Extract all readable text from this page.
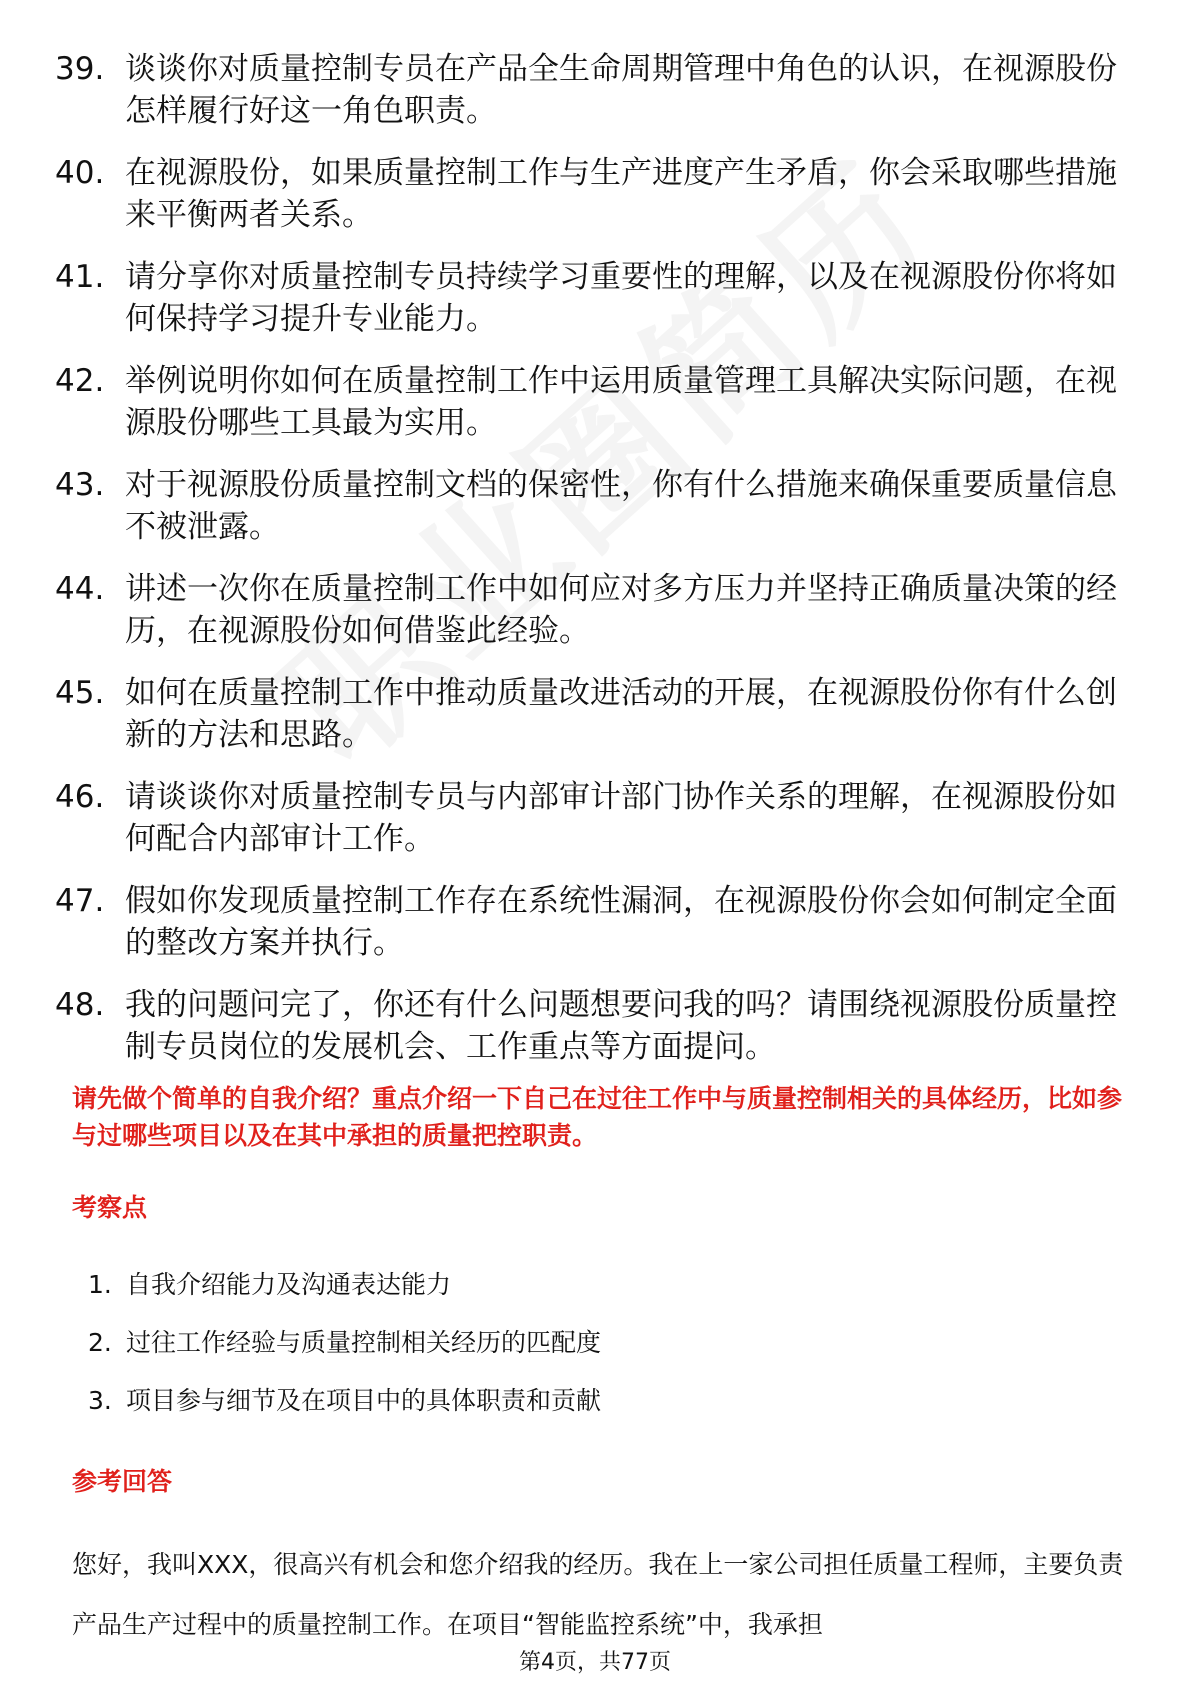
39. 谈谈你对质量控制专员在产品全生命周期管理中角色的认识，在视源股份怎样履行好这一角色职责。
40. 在视源股份，如果质量控制工作与生产进度产生矛盾，你会采取哪些措施来平衡两者关系。
41. 请分享你对质量控制专员持续学习重要性的理解，以及在视源股份你将如何保持学习提升专业能力。
42. 举例说明你如何在质量控制工作中运用质量管理工具解决实际问题，在视源股份哪些工具最为实用。
43. 对于视源股份质量控制文档的保密性，你有什么措施来确保重要质量信息不被泄露。
44. 讲述一次你在质量控制工作中如何应对多方压力并坚持正确质量决策的经历，在视源股份如何借鉴此经验。
45. 如何在质量控制工作中推动质量改进活动的开展，在视源股份你有什么创新的方法和思路。
46. 请谈谈你对质量控制专员与内部审计部门协作关系的理解，在视源股份如何配合内部审计工作。
47. 假如你发现质量控制工作存在系统性漏洞，在视源股份你会如何制定全面的整改方案并执行。
48. 我的问题问完了，你还有什么问题想要问我的吗？请围绕视源股份质量控制专员岗位的发展机会、工作重点等方面提问。
请先做个简单的自我介绍？重点介绍一下自己在过往工作中与质量控制相关的具体经历，比如参与过哪些项目以及在其中承担的质量把控职责。
考察点
1. 自我介绍能力及沟通表达能力
2. 过往工作经验与质量控制相关经历的匹配度
3. 项目参与细节及在项目中的具体职责和贡献
参考回答
您好，我叫XXX，很高兴有机会和您介绍我的经历。我在上一家公司担任质量工程师，主要负责产品生产过程中的质量控制工作。在项目“智能监控系统”中，我承担
第4页，共77页
